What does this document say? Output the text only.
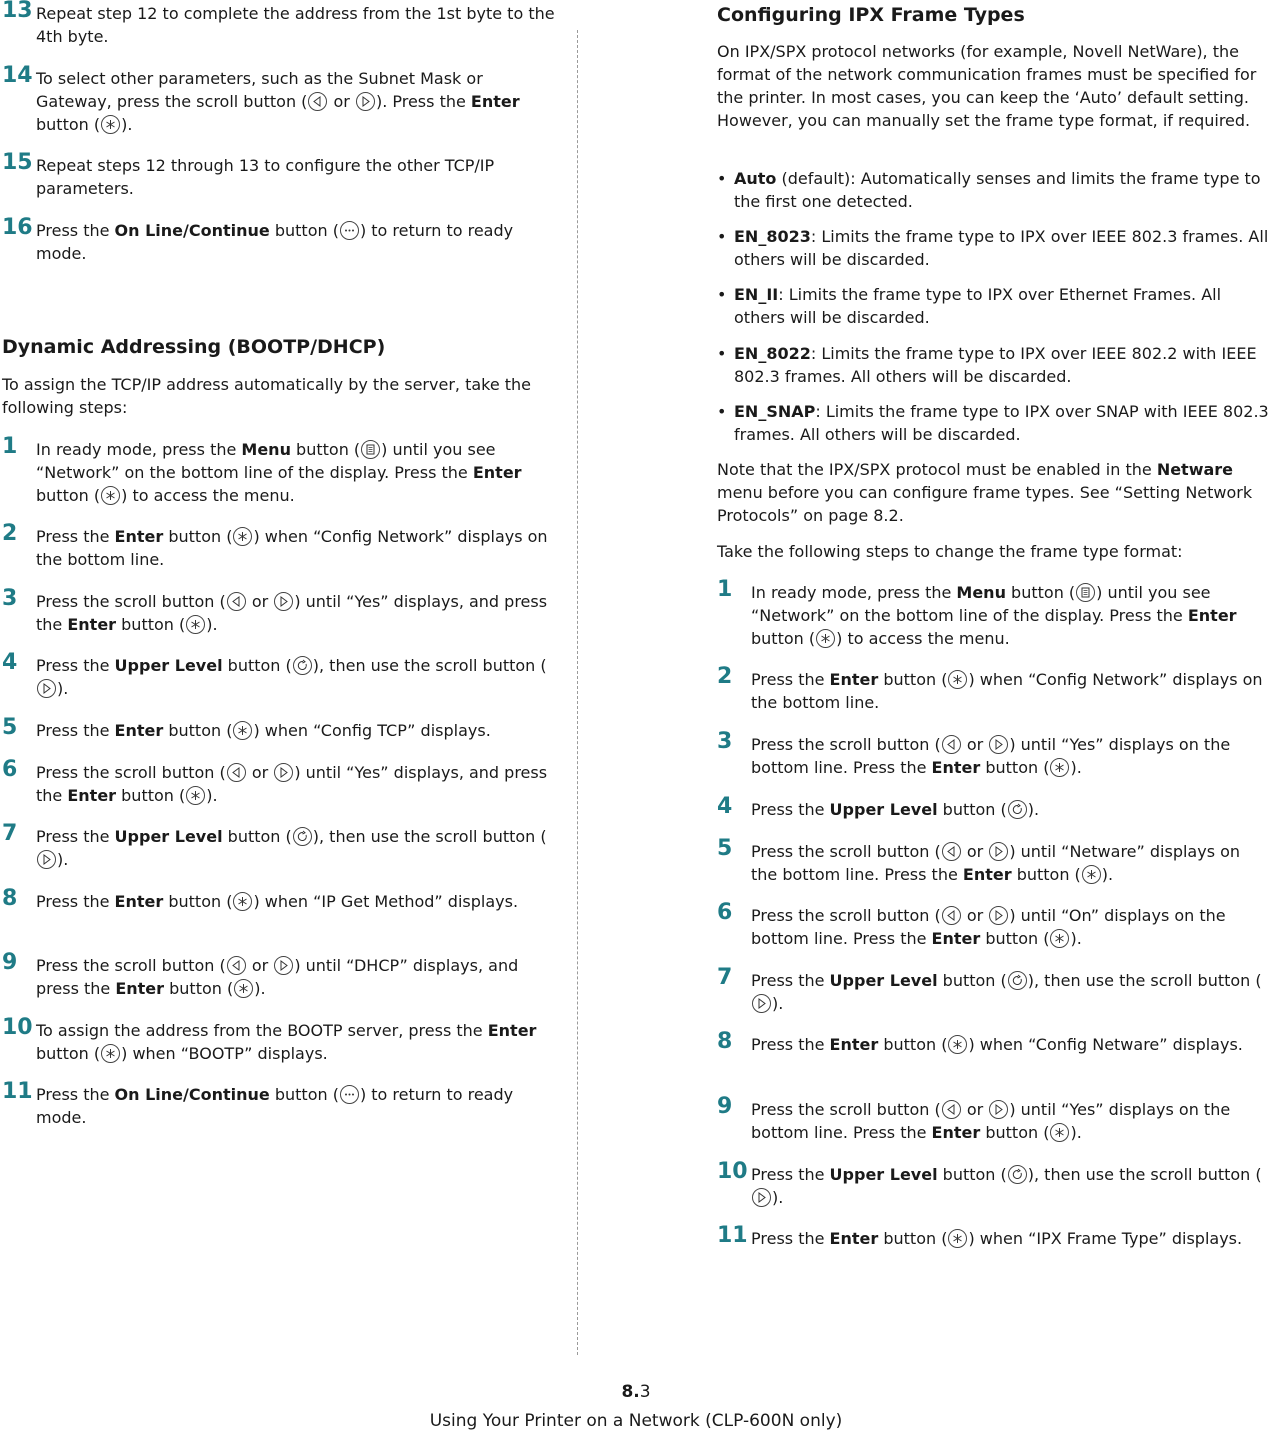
13 Repeat step 12 to complete the address from the 1st byte to the 4th byte.
14 To select other parameters, such as the Subnet Mask or Gateway, press the scroll button (
or
). Press the Enter button ( ).
15 Repeat steps 12 through 13 to configure the other TCP/IP parameters.
16 Press the On Line/Continue button ( ) to return to ready mode.
Dynamic Addressing (BOOTP/DHCP)
To assign the TCP/IP address automatically by the server, take the following steps:
1 In ready mode, press the Menu button ( ) until you see “Network” on the bottom line of the display. Press the Enter button ( ) to access the menu.
2 Press the Enter button ( ) when “Config Network” displays on the bottom line.
3 Press the scroll button (
or
) until “Yes” displays, and press the Enter button ( ).
4 Press the Upper Level button ( ), then use the scroll button (
).
5 Press the Enter button ( ) when “Config TCP” displays.
6 Press the scroll button (
or
) until “Yes” displays, and press the Enter button ( ).
7 Press the Upper Level button ( ), then use the scroll button (
).
8 Press the Enter button ( ) when “IP Get Method” displays.
9 Press the scroll button (
or
) until “DHCP” displays, and press the Enter button ( ).
10 To assign the address from the BOOTP server, press the Enter button ( ) when “BOOTP” displays.
11 Press the On Line/Continue button ( ) to return to ready mode.
Configuring IPX Frame Types
On IPX/SPX protocol networks (for example, Novell NetWare), the format of the network communication frames must be specified for the printer. In most cases, you can keep the ‘Auto’ default setting. However, you can manually set the frame type format, if required.
• Auto (default): Automatically senses and limits the frame type to the first one detected.
• EN_8023: Limits the frame type to IPX over IEEE 802.3 frames. All others will be discarded.
• EN_II: Limits the frame type to IPX over Ethernet Frames. All others will be discarded.
• EN_8022: Limits the frame type to IPX over IEEE 802.2 with IEEE 802.3 frames. All others will be discarded.
• EN_SNAP: Limits the frame type to IPX over SNAP with IEEE 802.3 frames. All others will be discarded.
Note that the IPX/SPX protocol must be enabled in the Netware menu before you can configure frame types. See “Setting Network Protocols” on page 8.2.
Take the following steps to change the frame type format:
1 In ready mode, press the Menu button ( ) until you see “Network” on the bottom line of the display. Press the Enter button ( ) to access the menu.
2 Press the Enter button ( ) when “Config Network” displays on the bottom line.
3 Press the scroll button (
or
) until “Yes” displays on the bottom line. Press the Enter button ( ).
4 Press the Upper Level button ( ).
5 Press the scroll button (
or
) until “Netware” displays on the bottom line. Press the Enter button ( ).
6 Press the scroll button (
or
) until “On” displays on the bottom line. Press the Enter button ( ).
7 Press the Upper Level button ( ), then use the scroll button (
).
8 Press the Enter button ( ) when “Config Netware” displays.
9 Press the scroll button (
or
) until “Yes” displays on the bottom line. Press the Enter button ( ).
10 Press the Upper Level button ( ), then use the scroll button (
).
11 Press the Enter button ( ) when “IPX Frame Type” displays.
8.3
Using Your Printer on a Network (CLP-600N only)
